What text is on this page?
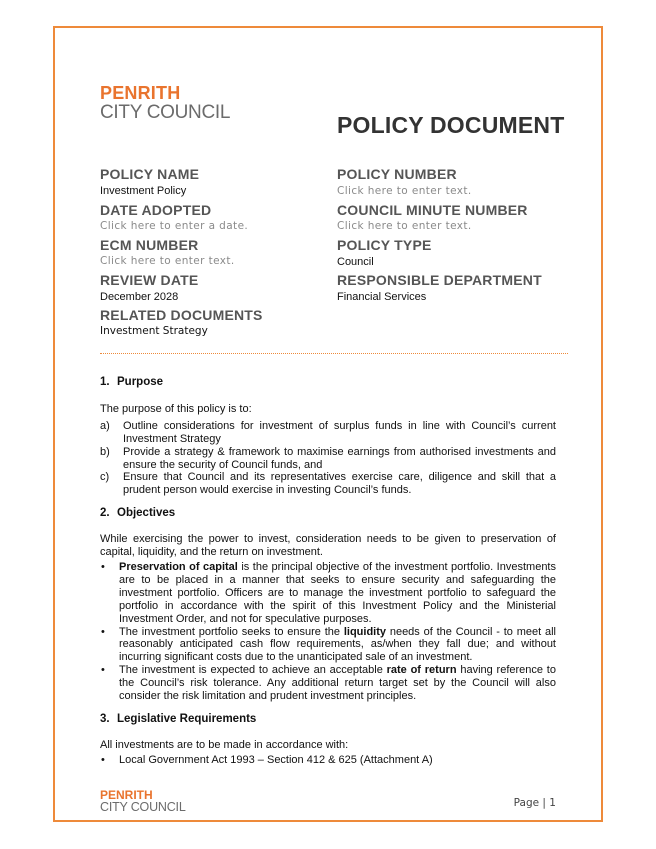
PENRITH
CITY COUNCIL	POLICY DOCUMENT
POLICY NAME
Investment Policy
POLICY NUMBER
Click here to enter text.
DATE ADOPTED
Click here to enter a date.
COUNCIL MINUTE NUMBER
Click here to enter text.
ECM NUMBER
Click here to enter text.
POLICY TYPE
Council
REVIEW DATE
December 2028
RESPONSIBLE DEPARTMENT
Financial Services
RELATED DOCUMENTS
Investment Strategy
1. Purpose

The purpose of this policy is to:

a) Outline considerations for investment of surplus funds in line with Council’s current Investment Strategy
b) Provide a strategy & framework to maximise earnings from authorised investments and ensure the security of Council funds, and
c) Ensure that Council and its representatives exercise care, diligence and skill that a prudent person would exercise in investing Council’s funds.
2. Objectives

While exercising the power to invest, consideration needs to be given to preservation of capital, liquidity, and the return on investment.

• Preservation of capital is the principal objective of the investment portfolio. Investments are to be placed in a manner that seeks to ensure security and safeguarding the investment portfolio. Officers are to manage the investment portfolio to safeguard the portfolio in accordance with the spirit of this Investment Policy and the Ministerial Investment Order, and not for speculative purposes.
• The investment portfolio seeks to ensure the liquidity needs of the Council - to meet all reasonably anticipated cash flow requirements, as/when they fall due; and without incurring significant costs due to the unanticipated sale of an investment.
• The investment is expected to achieve an acceptable rate of return having reference to the Council’s risk tolerance. Any additional return target set by the Council will also consider the risk limitation and prudent investment principles.
3. Legislative Requirements

All investments are to be made in accordance with:

• Local Government Act 1993 – Section 412 & 625 (Attachment A)
PENRITH
CITY COUNCIL	Page | 1
